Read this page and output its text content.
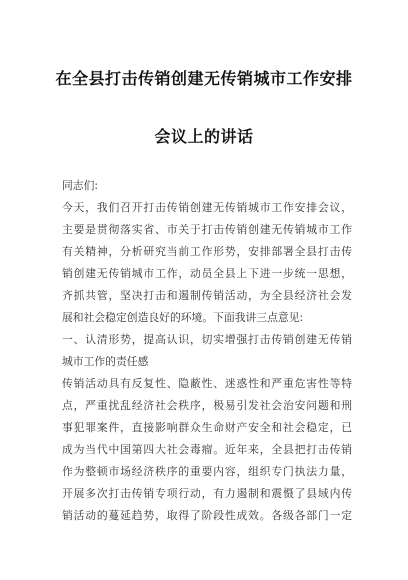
在全县打击传销创建无传销城市工作安排
会议上的讲话
同志们:
今天，我们召开打击传销创建无传销城市工作安排会议，
主要是贯彻落实省、市关于打击传销创建无传销城市工作
有关精神，分析研究当前工作形势，安排部署全县打击传
销创建无传销城市工作，动员全县上下进一步统一思想，
齐抓共管，坚决打击和遏制传销活动，为全县经济社会发
展和社会稳定创造良好的环境。下面我讲三点意见:
一、认清形势，提高认识，切实增强打击传销创建无传销
城市工作的责任感
传销活动具有反复性、隐蔽性、迷惑性和严重危害性等特
点，严重扰乱经济社会秩序，极易引发社会治安问题和刑
事犯罪案件，直接影响群众生命财产安全和社会稳定，已
成为当代中国第四大社会毒瘤。近年来，全县把打击传销
作为整顿市场经济秩序的重要内容，组织专门执法力量，
开展多次打击传销专项行动，有力遏制和震慑了县域内传
销活动的蔓延趋势，取得了阶段性成效。各级各部门一定
